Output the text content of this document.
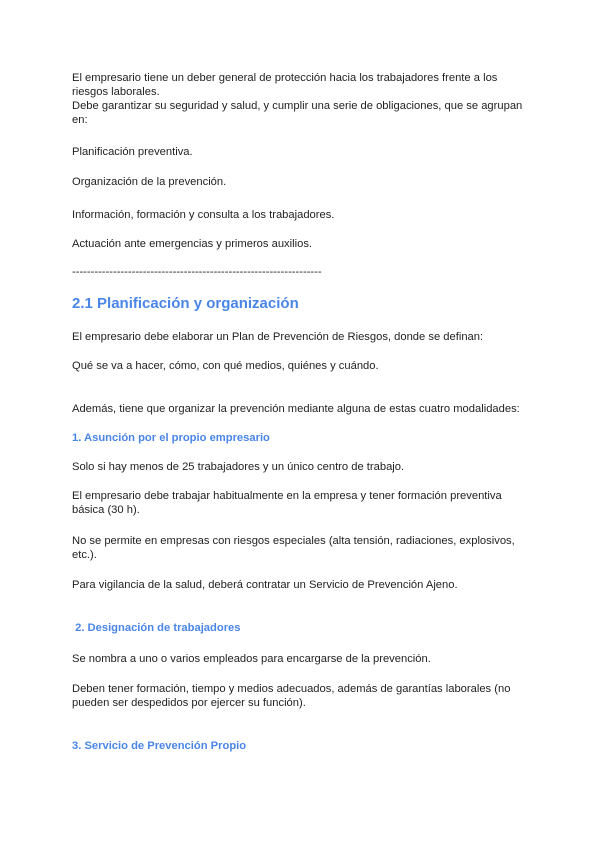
El empresario tiene un deber general de protección hacia los trabajadores frente a los riesgos laborales.

Debe garantizar su seguridad y salud, y cumplir una serie de obligaciones, que se agrupan en:

Planificación preventiva.

Organización de la prevención.

Información, formación y consulta a los trabajadores.

Actuación ante emergencias y primeros auxilios.

-------------------------------------------------------------------

2.1 Planificación y organización

El empresario debe elaborar un Plan de Prevención de Riesgos, donde se definan:

Qué se va a hacer, cómo, con qué medios, quiénes y cuándo.

Además, tiene que organizar la prevención mediante alguna de estas cuatro modalidades:

1. Asunción por el propio empresario

Solo si hay menos de 25 trabajadores y un único centro de trabajo.

El empresario debe trabajar habitualmente en la empresa y tener formación preventiva básica (30 h).

No se permite en empresas con riesgos especiales (alta tensión, radiaciones, explosivos, etc.).

Para vigilancia de la salud, deberá contratar un Servicio de Prevención Ajeno.

2. Designación de trabajadores

Se nombra a uno o varios empleados para encargarse de la prevención.

Deben tener formación, tiempo y medios adecuados, además de garantías laborales (no pueden ser despedidos por ejercer su función).

3. Servicio de Prevención Propio
